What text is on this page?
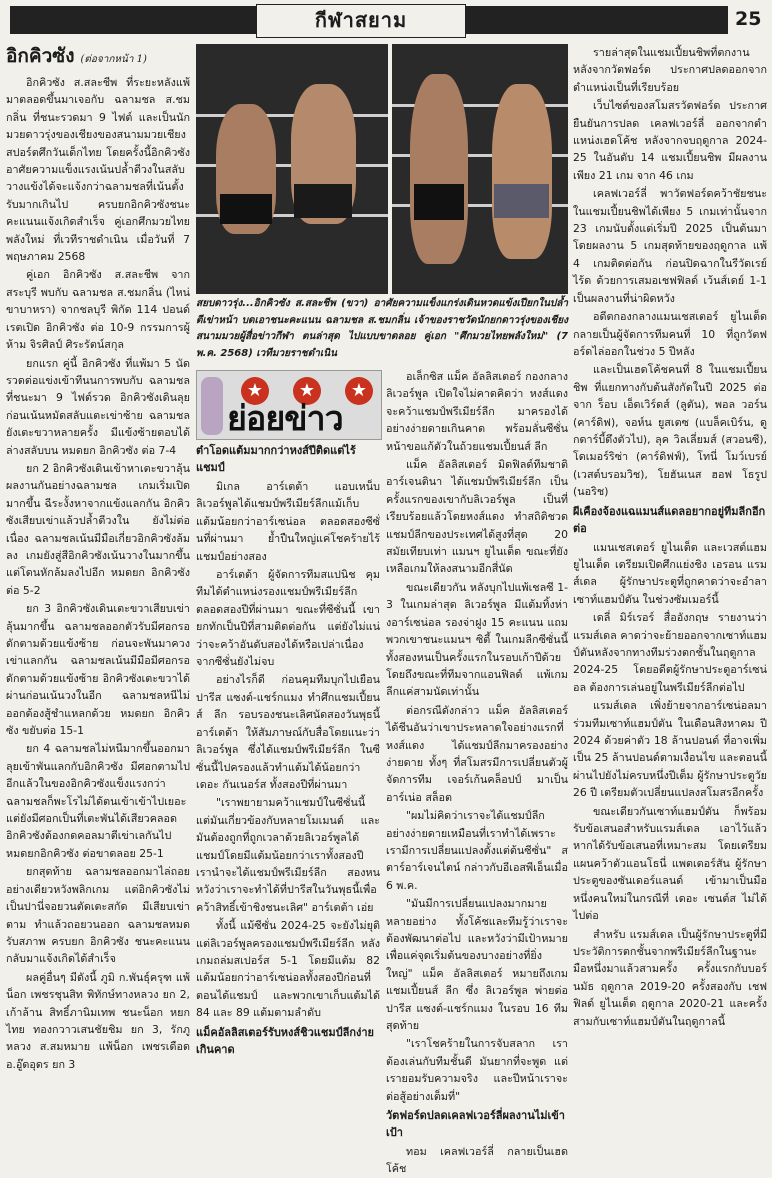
กีฬาสยาม	25
อิกคิวซัง (ต่อจากหน้า 1)

อิกคิวซัง ส.สละชีพ ที่ระยะหลังแพ้มาตลอดขึ้นมาเจอกับ ฉลามชล ส.ชมกลิ่น ที่ชนะรวดมา 9 ไฟต์ และเป็นนักมวยดาวรุ่งของเชียงของสนามมวยเชียงสปอร์ตศึกวันเด็กไทย โดยครั้งนี้อิกคิวซังอาศัยความแข็งแรงเน้นปล้ำตีวงในสลับวางแข้งได้จะแจ้งกว่าฉลามชลที่เน้นตั้งรับมากเกินไป ครบยกอิกคิวซังชนะคะแนนแจ้งเกิดสำเร็จ คู่เอกศึกมวยไทยพลังใหม่ ที่เวทีราชดำเนิน เมื่อวันที่ 7 พฤษภาคม 2568

คู่เอก อิกคิวซัง ส.สละชีพ จากสระบุรี พบกับ ฉลามชล ส.ชมกลิ่น (ไหน่ขาบาหรา) จากชลบุรี พิกัด 114 ปอนด์ เรตเปิด อิกคิวซัง ต่อ 10-9 กรรมการผู้ห้าม จิรศิลป์ ศิระรัตน์สกุล

ยกแรก คู่นี้ อิกคิวซัง ที่แพ้มา 5 นัดรวดต่อแข่งเข้าทีนนการพบกับ ฉลามชล ที่ชนะมา 9 ไฟต์รวด อิกคิวซังเดินลุยก่อนเน้นหมัดสลับแตะเข่าซ้าย ฉลามชลยังเตะขวาหลายครั้ง มีแข้งซ้ายตอบได้ล่างสลับบน หมดยก อิกคิวซัง ต่อ 7-4

ยก 2 อิกคิวซังเดินเข้าหาเตะขวาลุ้นผลงานกันอย่างฉลามชล เกมเริ่มเปิดมากขึ้น ฉีระงั้งหาจากแข้งแลกกัน อิกคิวซังเสียบเข่าแล้วปล้ำตีวงใน ยังไม่ต่อเนื่อง ฉลามชลเน้นมีมือเกี่ยวอิกคิวซังล้มลง เกมยังสู่สีอิกคิวซังเน้นวางในมากขึ้นแต่โดนหักล้มลงไปอีก หมดยก อิกคิวซัง ต่อ 5-2

ยก 3 อิกคิวซังเดินเตะขวาเสียบเข่าลุ้นมากขึ้น ฉลามชลออกตัวรับมีศอกรอดักตามด้วยแข้งซ้าย ก่อนจะพันมาควงเข่าแลกกัน ฉลามชลเน้นมีมือมีศอกรอดักตามด้วยแข้งซ้าย อิกคิวซังเตะขวาได้ผ่านก่อนเน้นวงในอีก ฉลามชลหนีไม่ออกต้องสู้ชำแหลกด้วย หมดยก อิกคิวซัง ขยับต่อ 15-1

ยก 4 ฉลามชลไม่หนีมากขึ้นออกมาลุยเข้าพันแลกกับอิกคิวซัง มีศอกตามไปอีกแล้วในของอิกคิวซังแข็งแรงกว่า ฉลามชลก็พะโรไม่ได้ตนเข้าเข้าไปเยอะแต่ยังมีศอกเป็นที่เตะพันได้เสียวคลอด อิกคิวซังต้องกดคอลมาตีเข่าเลกันไป หมดยกอิกคิวซัง ต่อขาดลอย 25-1

ยกสุดท้าย ฉลามชลออกมาไล่ถอยอย่างเดียวหวังพลิกเกม แต่อิกคิวซังไม่เป็นปานี่จอยวนตัดเตะสกัด มีเสียบเข่าตาม ทำแล้วถอยวนออก ฉลามชลหมดรับสภาพ ครบยก อิกคิวซัง ชนะคะแนนกลับมาแจ้งเกิดได้สำเร็จ

ผลคู่อื่นๆ มีดังนี้ ภูมิ ก.พันธุ์ครุฑ แพ้น็อก เพชรชุนสิท พิทักษ์ทางหลวง ยก 2, เก้าล้าน สิทธิ์ภานิมเทพ ชนะน็อก หยกไทย ทองกวาวเสนชัยชิม ยก 3, รักภูหลวง ส.สมหมาย แพ้น็อก เพชรเดือด อ.อู๊ดอุดร ยก 3

สยบดาวรุ่ง...อิกคิวซัง ส.สละชีพ (ขวา) อาศัยความแข็งแกร่งเดินหวดแข้งเปียกในปล้ำตีเข่าหน้า บดเอาชนะคะแนน ฉลามชล ส.ชมกลิ่น เจ้าของราชวัดนักยกดาวรุ่งของเชียงสนามมวยผู้สื่อข่าวกีฬา ตนล่าสุด ไปแบบขาดลอย คู่เอก "ศึกมวยไทยพลังใหม่" (7 พ.ค. 2568) เวทีมวยราชดำเนิน
ต๋าโอดแต้มมากกว่าหงส์ปีติดแต่ไร้แชมป์

มิเกล อาร์เตต้า แอบเหน็บ ลิเวอร์พูลได้แชมป์พรีเมียร์ลีกแม้เก็บแต้มน้อยกว่าอาร์เซน่อล ตลอดสองซีซั่นที่ผ่านมา ย้ำปืนใหญ่แค่โชคร้ายไร้แชมป์อย่างสอง

อาร์เตต้า ผู้จัดการทีมสแปนิช คุมทีมได้ตำแหน่งรองแชมป์พรีเมียร์ลีก ตลอดสองปีที่ผ่านมา ขณะที่ซีซั่นนี้ เขายกทักเป็นปีที่สามติดต่อกัน แต่ยังไม่แน่ว่าจะคว้าอันดับสองได้หรือเปล่าเนื่องจากซีซั่นยังไม่จบ

อย่างไรก็ดี ก่อนคุมทีมบุกไปเยือน ปารีส แซงต์-แชร์กแมง ทำศึกแชมเปี้ยนส์ ลีก รอบรองชนะเลิศนัดสองวันพุธนี้ อาร์เตต้า ให้สัมภาษณ์กับสื่อโดยแนะว่า ลิเวอร์พูล ซึ่งได้แชมป์พรีเมียร์ลีก ในซีซั่นนี้ไปครองแล้วทำแต้มได้น้อยกว่า เดอะ กันเนอร์ส ทั้งสองปีที่ผ่านมา

"เราพยายามคว้าแชมป์ในซีซั่นนี้ แต่มันเกี่ยวข้องกับหลายโมเมนต์ และมันต้องถูกที่ถูกเวลาด้วยลิเวอร์พูลได้แชมป์โดยมีแต้มน้อยกว่าเราทั้งสองปี เรานำจะได้แชมป์พรีเมียร์ลีก สองหน หวังว่าเราจะทำได้ที่ปารีสในวันพุธนี้เพื่อคว้าสิทธิ์เข้าชิงชนะเลิศ" อาร์เตต้า เอ่ย

ทั้งนี้ แม้ซีซั่น 2024-25 จะยังไม่ยุติแต่ลิเวอร์พูลครองแชมป์พรีเมียร์ลีก หลังเกมถล่มสเปอร์ส 5-1 โดยมีแต้ม 82 แต้มน้อยกว่าอาร์เซน่อลทั้งสองปีก่อนที่ตอนได้แชมป์ และพวกเขาเก็บแต้มได้ 84 และ 89 แต้มตามลำดับ

แม็คอัลลิสเตอร์รับหงส์ชิวแชมป์ลีกง่ายเกินคาด
★	★	★
ย่อยข่าว

อเล็กซิส แม็ค อัลลิสเตอร์ กองกลางลิเวอร์พูล เปิดใจไม่คาดคิดว่า หงส์แดง จะคว้าแชมป์พรีเมียร์ลีก มาครองได้อย่างง่ายดายเกินคาด พร้อมลั่นซีซั่นหน้าขอแก้ตัวในถ้วยแชมเปี้ยนส์ ลีก

แม็ค อัลลิสเตอร์ มิดฟิลด์ทีมชาติอาร์เจนตินา ได้แชมป์พรีเมียร์ลีก เป็นครั้งแรกของเขากับลิเวอร์พูล เป็นที่เรียบร้อยแล้วโดยหงส์แดง ทำสถิติชวดแชมป์ลีกของประเทศได้สูงที่สุด 20 สมัยเทียบเท่า แมนฯ ยูไนเต็ด ขณะที่ยังเหลือเกมให้ลงสนามอีกสี่นัด

ขณะเดียวกัน หลังบุกไปแพ้เชลซี 1-3 ในเกมล่าสุด ลิเวอร์พูล มีแต้มทิ้งห่างอาร์เซน่อล รองจ่าฝูง 15 คะแนน แถมพวกเขาชนะแมนฯ ซิตี้ ในเกมลีกซีซั่นนี้ทั้งสองหนเป็นครั้งแรกในรอบเก้าปีด้วยโดยถึงขณะที่ทีมจากแอนฟิลด์ แพ้เกมลีกแค่สามนัดเท่านั้น

ต่อกรณีดังกล่าว แม็ค อัลลิสเตอร์ได้ชีนอันว่าเขาประหลาดใจอย่างแรกที่ หงส์แดง ได้แชมป์ลีกมาครองอย่างง่ายดาย ทั้งๆ ที่สโมสรมีการเปลี่ยนตัวผู้จัดการทีม เจอร์เก้นคล็อปป์ มาเป็น อาร์เน่อ สล็อต

"ผมไม่คิดว่าเราจะได้แชมป์ลีกอย่างง่ายดายเหมือนที่เราทำได้เพราะเรามีการเปลี่ยนแปลงตั้งแต่ต้นซีซั่น" สตาร์อาร์เจนไตน์ กล่าวกับอีเอสพีเอ็นเมื่อ 6 พ.ค.

"มันมีการเปลี่ยนแปลงมากมายหลายอย่าง ทั้งโค้ชและทีมรู้ว่าเราจะต้องพัฒนาต่อไป และหวังว่ามีเป้าหมายเพื่อแค่จุดเริ่มต้นของบางอย่างที่ยิ่งใหญ่" แม็ค อัลลิสเตอร์ หมายถึงเกมแชมเปี้ยนส์ ลีก ซึ่ง ลิเวอร์พูล พ่ายต่อปารีส แซงต์-แชร์กแมง ในรอบ 16 ทีมสุดท้าย

"เราโชคร้ายในการจับสลาก เราต้องเล่นกับทีมชั้นดี มันยากที่จะพูด แต่เรายอมรับความจริง และปีหน้าเราจะต่อสู้อย่างเต็มที่"

วัตฟอร์ดปลดเคลฟเวอร์ลี่ผลงานไม่เข้าเป้า

ทอม เคลฟเวอร์ลี่ กลายเป็นเฮดโค้ช

รายล่าสุดในแชมเปี้ยนชิพที่ตกงาน หลังจากวัตฟอร์ด ประกาศปลดออกจากตำแหน่งเป็นที่เรียบร้อย

เว็บไซต์ของสโมสรวัตฟอร์ด ประกาศยืนยันการปลด เคลฟเวอร์ลี่ ออกจากตำแหน่งเฮดโค้ช หลังจากจบฤดูกาล 2024-25 ในอันดับ 14 แชมเปี้ยนชิพ มีผลงานเพียง 21 เกม จาก 46 เกม

เคลฟเวอร์ลี่ พาวัตฟอร์ดคว้าชัยชนะในแชมเปี้ยนชิพได้เพียง 5 เกมเท่านั้นจาก 23 เกมนับตั้งแต่เริ่มปี 2025 เป็นต้นมา โดยผลงาน 5 เกมสุดท้ายของฤดูกาล แพ้ 4 เกมติดต่อกัน ก่อนปิดฉากในรีวัดเรย์ ไร้ด ด้วยการเสมอเชฟฟิลด์ เว้นส์เดย์ 1-1 เป็นผลงานที่น่าผิดหวัง

อดีตกองกลางแมนเชสเตอร์ ยูไนเต็ด กลายเป็นผู้จัดการทีมคนที่ 10 ที่ถูกวัตฟอร์ดไล่ออกในช่วง 5 ปีหลัง

และเป็นเฮดโค้ชคนที่ 8 ในแชมเปี้ยนชิพ ที่แยกทางกับต้นสังกัดในปี 2025 ต่อจาก ร็อบ เอ็ดเวิร์ดส์ (ลูตัน), พอล วอร์น (คาร์ดิฟ), จอห์น ยูสเตซ (แบล็คเบิร์น, ดูกดาร์บี้ดึงตัวไป), ลุค วิลเลี่ยมส์ (สวอนซี), โดเมอร์ริซ่า (คาร์ดิฟฟ์), โทนี่ โมว์เบรย์ (เวสต์บรอมวิช), โยฮันเนส ฮอฟ โธรูป (นอริช)

ผีเคืองจ้องแฉแมนส์แดลอยากอยู่ทีมลีกอีกต่อ

แมนเชสเตอร์ ยูไนเต็ด และเวสต์แฮม ยูไนเต็ด เตรียมเปิดศึกแย่งชิง เอรอน แรมส์เดล ผู้รักษาประตูที่ถูกคาดว่าจะอำลา เซาท์แฮมป์ตัน ในช่วงซัมเมอร์นี้

เดลี่ มิร์เรอร์ สื่ออังกฤษ รายงานว่าแรมส์เดล คาดว่าจะย้ายออกจากเซาท์แฮมป์ตันหลังจากทางทีมร่วงตกชั้นในฤดูกาล 2024-25 โดยอดีตผู้รักษาประตูอาร์เซน่อล ต้องการเล่นอยู่ในพรีเมียร์ลีกต่อไป

แรมส์เดล เพิ่งย้ายจากอาร์เซน่อลมาร่วมทีมเซาท์แฮมป์ตัน ในเดือนสิงหาคม ปี 2024 ด้วยค่าตัว 18 ล้านปอนด์ ที่อาจเพิ่มเป็น 25 ล้านปอนด์ตามเงื่อนไข และตอนนี้ผ่านไปยังไม่ครบหนึ่งปีเต็ม ผู้รักษาประตูวัย 26 ปี เตรียมตัวเปลี่ยนแปลงสโมสรอีกครั้ง

ขณะเดียวกันเซาท์แฮมป์ตัน ก็พร้อมรับข้อเสนอสำหรับแรมส์เดล เอาไว้แล้ว หากได้รับข้อเสนอที่เหมาะสม โดยเตรียมแผนคว้าตัวแอนโธนี่ แพตเตอร์สัน ผู้รักษาประตูของซันเดอร์แลนด์ เข้ามาเป็นมือหนึ่งคนใหม่ในกรณีที่ เดอะ เซนต์ส ไม่ได้ไปต่อ

สำหรับ แรมส์เดล เป็นผู้รักษาประตูที่มีประวัติการตกชั้นจากพรีเมียร์ลีกในฐานะมือหนึ่งมาแล้วสามครั้ง ครั้งแรกกับบอร์นมัธ ฤดูกาล 2019-20 ครั้งสองกับ เชฟฟิลด์ ยูไนเต็ด ฤดูกาล 2020-21 และครั้งสามกับเซาท์แฮมป์ตันในฤดูกาลนี้
